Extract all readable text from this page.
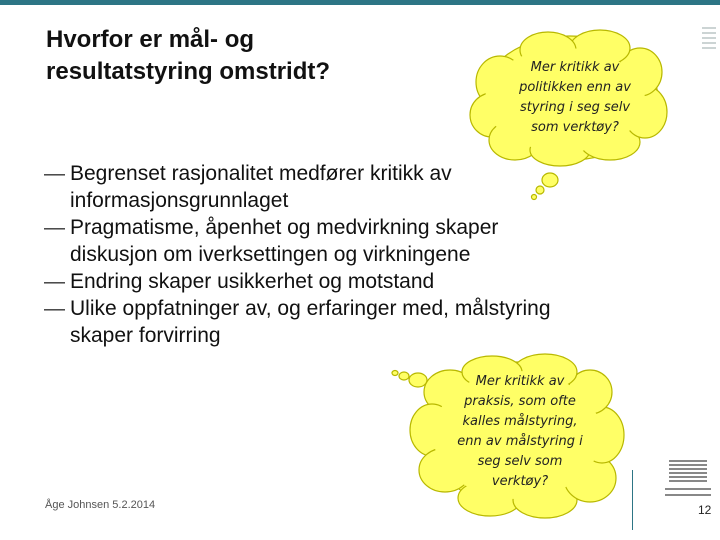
Hvorfor er mål- og
resultatstyring omstridt?	Mer kritikk av
politikken enn av
styring i seg selv
som verktøy?
— Begrenset rasjonalitet medfører kritikk av
informasjonsgrunnlaget
— Pragmatisme, åpenhet og medvirkning skaper
diskusjon om iverksettingen og virkningene
— Endring skaper usikkerhet og motstand
— Ulike oppfatninger av, og erfaringer med, målstyring
skaper forvirring
Mer kritikk av
praksis, som ofte
kalles målstyring,
enn av målstyring i
seg selv som
verktøy?
Åge Johnsen 5.2.2014	12
